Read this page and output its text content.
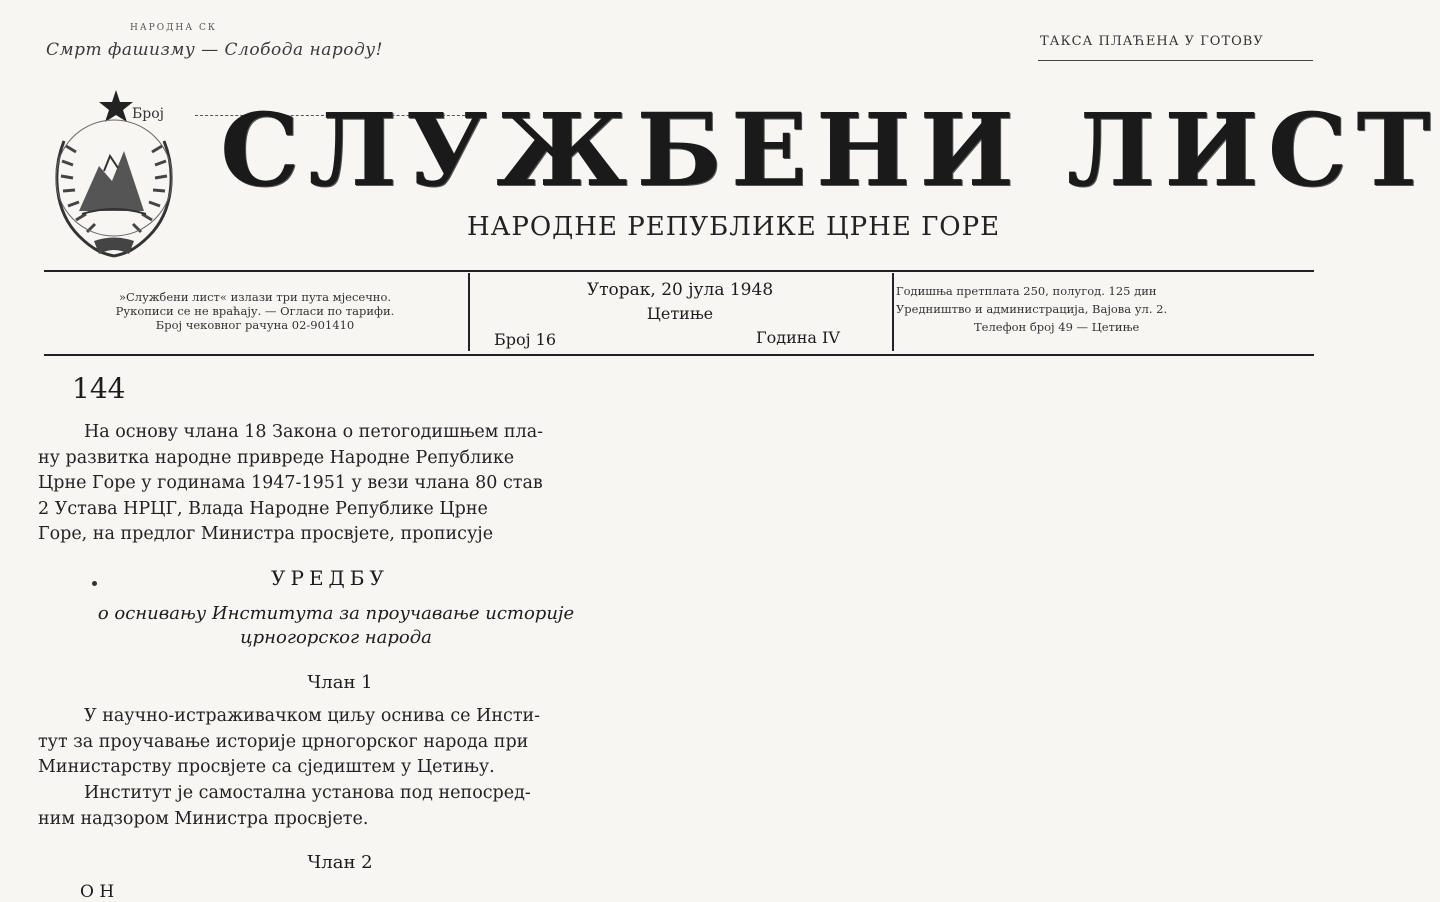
НАРОДНА СК
Смрт фашизму — Слобода народу!	ТАКСА ПЛАЋЕНА У ГОТОВУ
Број СЛУЖБЕНИ ЛИСТ
НАРОДНЕ РЕПУБЛИКЕ ЦРНЕ ГОРЕ
»Службени лист« излази три пута мјесечно.
Рукописи се не враћају. — Огласи по тарифи.
Број чековног рачуна 02-901410
Уторак, 20 јула 1948
Цетиње
Број 16	Година IV
Годишња претплата 250, полугод. 125 дин
Уредништво и администрација, Вајова ул. 2.
Телефон број 49 — Цетиње
144
На основу члана 18 Закона о петогодишњем пла-
ну развитка народне привреде Народне Републике
Црне Горе у годинама 1947-1951 у вези члана 80 став
2 Устава НРЦГ, Влада Народне Републике Црне
Горе, на предлог Министра просвјете, прописује
УРЕДБУ
о оснивању Института за проучавање историје
црногорског народа
Члан 1
У научно-истраживачком циљу оснива се Инсти-
тут за проучавање историје црногорског народа при
Министарству просвјете са сједиштем у Цетињу.
Институт је самостална установа под непосред-
ним надзором Министра просвјете.
Члан 2
О Н
